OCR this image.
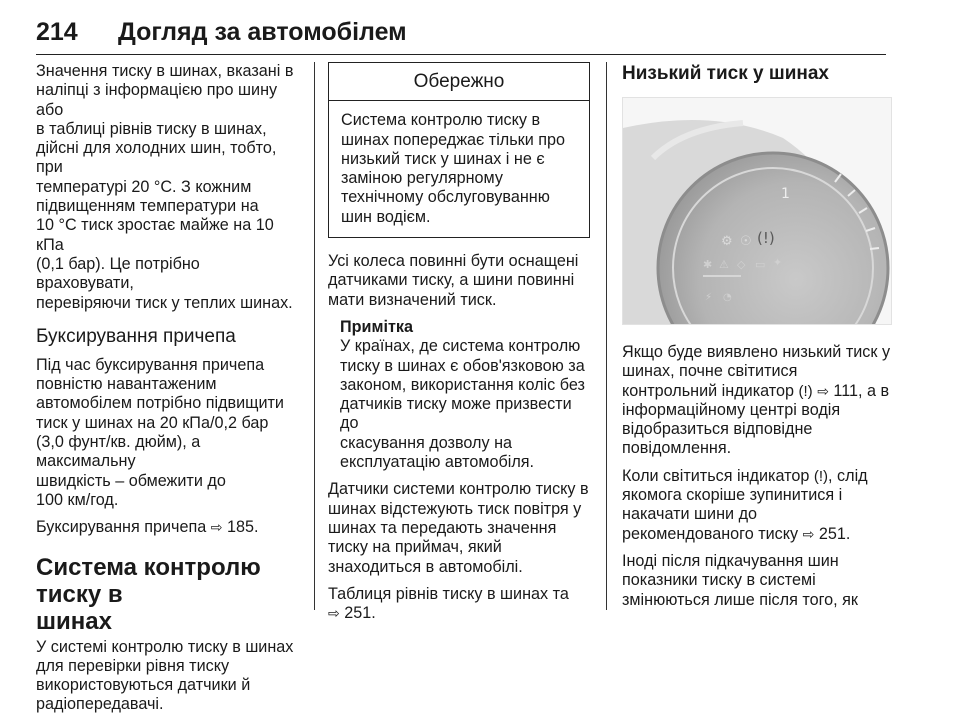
214 Догляд за автомобілем

Значення тиску в шинах, вказані в
наліпці з інформацією про шину або
в таблиці рівнів тиску в шинах,
дійсні для холодних шин, тобто, при
температурі 20 °C. З кожним
підвищенням температури на
10 °C тиск зростає майже на 10 кПа
(0,1 бар). Це потрібно враховувати,
перевіряючи тиск у теплих шинах.

Буксирування причепа

Під час буксирування причепа
повністю навантаженим
автомобілем потрібно підвищити
тиск у шинах на 20 кПа/0,2 бар
(3,0 фунт/кв. дюйм), а максимальну
швидкість – обмежити до
100 км/год.

Буксирування причепа ⇨ 185.

Система контролю тиску в
шинах

У системі контролю тиску в шинах
для перевірки рівня тиску
використовуються датчики й
радіопередавачі.

Обережно
Система контролю тиску в
шинах попереджає тільки про
низький тиск у шинах і не є
заміною регулярному
технічному обслуговуванню
шин водієм.

Усі колеса повинні бути оснащені
датчиками тиску, а шини повинні
мати визначений тиск.

Примітка

У країнах, де система контролю
тиску в шинах є обов'язковою за
законом, використання коліс без
датчиків тиску може призвести до
скасування дозволу на
експлуатацію автомобіля.

Датчики системи контролю тиску в
шинах відстежують тиск повітря у
шинах та передають значення
тиску на приймач, який
знаходиться в автомобілі.

Таблиця рівнів тиску в шинах та
⇨ 251.

Низький тиск у шинах

1
⚙ ☉ (!)
✱ ⚠ ◇ ▭ ✦
⚡ ◔

Якщо буде виявлено низький тиск у
шинах, почне світитися
контрольний індикатор (!) ⇨ 111, а в
інформаційному центрі водія
відобразиться відповідне
повідомлення.

Коли світиться індикатор (!), слід
якомога скоріше зупинитися і
накачати шини до
рекомендованого тиску ⇨ 251.

Іноді після підкачування шин
показники тиску в системі
змінюються лише після того, як
